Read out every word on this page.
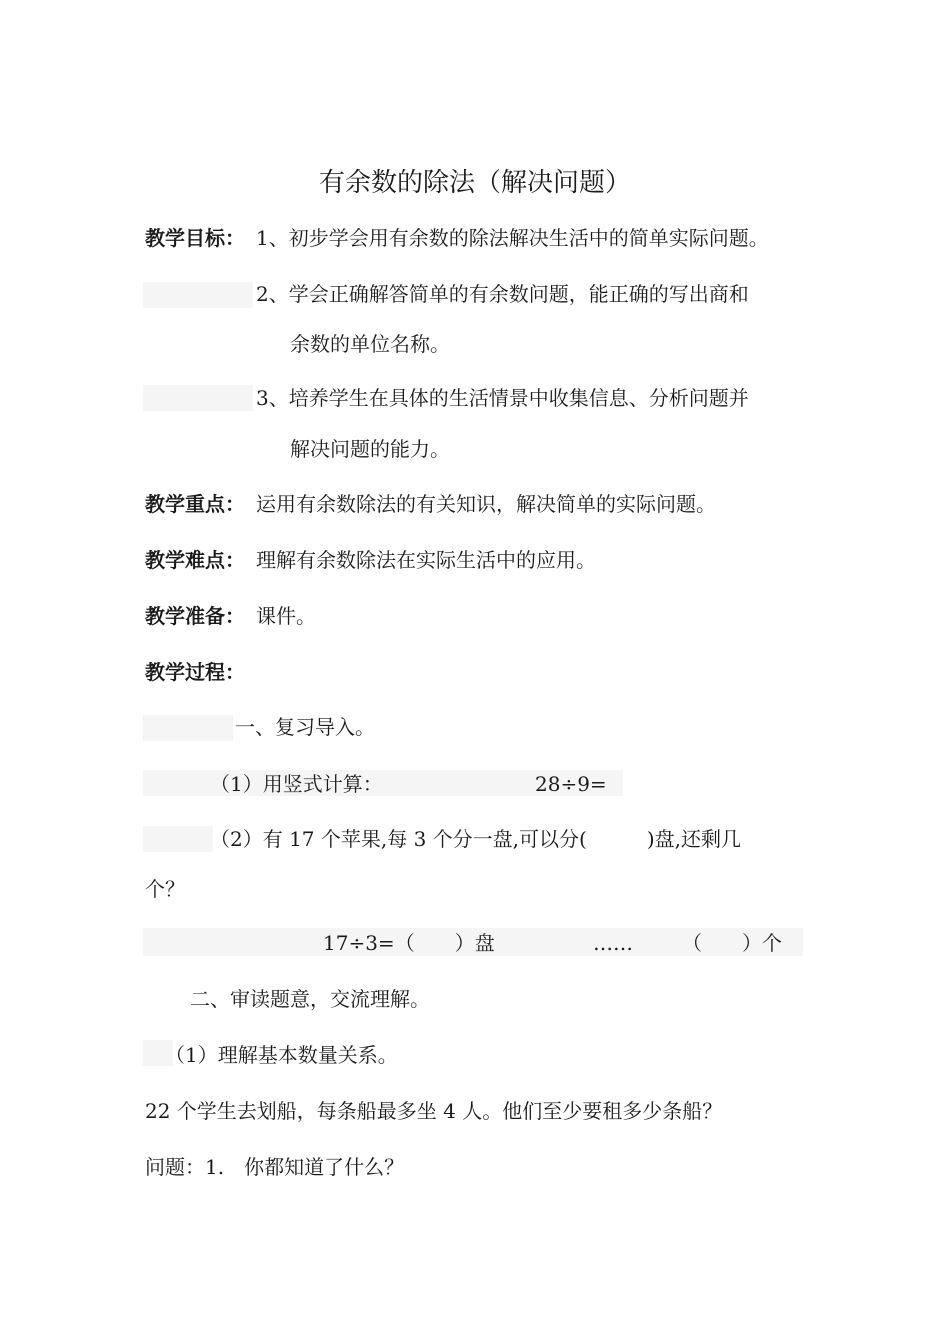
有余数的除法（解决问题）
教学目标： 1、初步学会用有余数的除法解决生活中的简单实际问题。
2、学会正确解答简单的有余数问题，能正确的写出商和
余数的单位名称。
3、培养学生在具体的生活情景中收集信息、分析问题并
解决问题的能力。
教学重点： 运用有余数除法的有关知识，解决简单的实际问题。
教学难点： 理解有余数除法在实际生活中的应用。
教学准备： 课件。
教学过程：
一、复习导入。
（1）用竖式计算：	28÷9=
（2）有 17 个苹果,每 3 个分一盘,可以分(　　　)盘,还剩几
个？
17÷3=（　　）盘	…… （　　）个
二、审读题意，交流理解。
（1）理解基本数量关系。
22 个学生去划船，每条船最多坐 4 人。他们至少要租多少条船？
问题：1.　你都知道了什么？
